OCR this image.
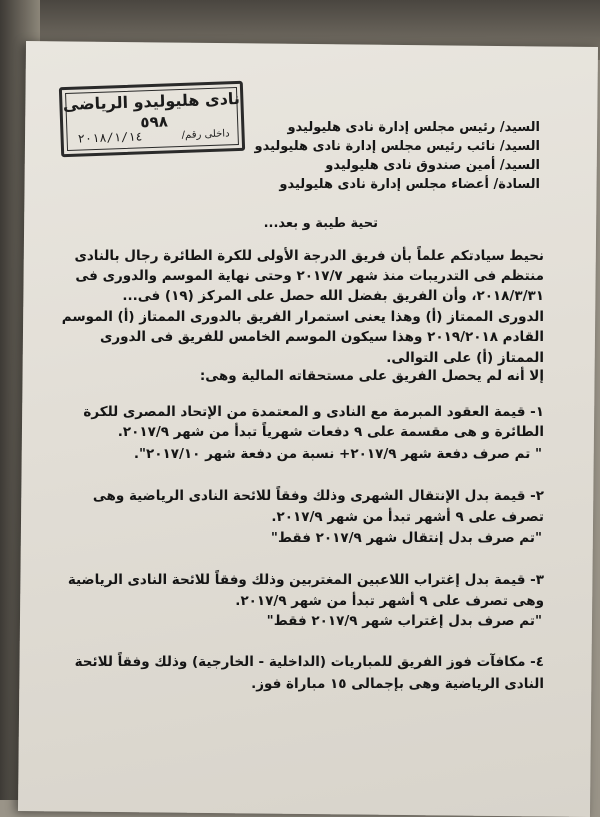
نادى هليوليدو الرياضى
٥٩٨
داخلى رقم/
٢٠١٨/١/١٤
السيد/ رئيس مجلس إدارة نادى هليوليدو
السيد/ نائب رئيس مجلس إدارة نادى هليوليدو
السيد/ أمين صندوق نادى هليوليدو
السادة/ أعضاء مجلس إدارة نادى هليوليدو
تحية طيبة و بعد...
نحيط سيادتكم علماً بأن فريق الدرجة الأولى للكرة الطائرة رجال بالنادى
منتظم فى التدريبات منذ شهر ٢٠١٧/٧ وحتى نهاية الموسم والدورى فى
٢٠١٨/٣/٣١، وأن الفريق بفضل الله حصل على المركز (١٩) فى...
الدورى الممتاز (أ) وهذا يعنى استمرار الفريق بالدورى الممتاز (أ) الموسم
القادم ٢٠١٩/٢٠١٨ وهذا سيكون الموسم الخامس للفريق فى الدورى
الممتاز (أ) على التوالى.
إلا أنه لم يحصل الفريق على مستحقاته المالية وهى:
١- قيمة العقود المبرمة مع النادى و المعتمدة من الإتحاد المصرى للكرة
الطائرة و هى مقسمة على ٩ دفعات شهرياً تبدأ من شهر ٢٠١٧/٩.
" تم صرف دفعة شهر ٢٠١٧/٩+ نسبة من دفعة شهر ٢٠١٧/١٠".
٢- قيمة بدل الإنتقال الشهرى وذلك وفقاً للائحة النادى الرياضية وهى
تصرف على ٩ أشهر تبدأ من شهر ٢٠١٧/٩.
"تم صرف بدل إنتقال شهر ٢٠١٧/٩ فقط"
٣- قيمة بدل إغتراب اللاعبين المغتربين وذلك وفقاً للائحة النادى الرياضية
وهى تصرف على ٩ أشهر تبدأ من شهر ٢٠١٧/٩.
"تم صرف بدل إغتراب شهر ٢٠١٧/٩ فقط"
٤- مكافآت فوز الفريق للمباريات (الداخلية - الخارجية) وذلك وفقاً للائحة
النادى الرياضية وهى بإجمالى ١٥ مباراة فوز.
